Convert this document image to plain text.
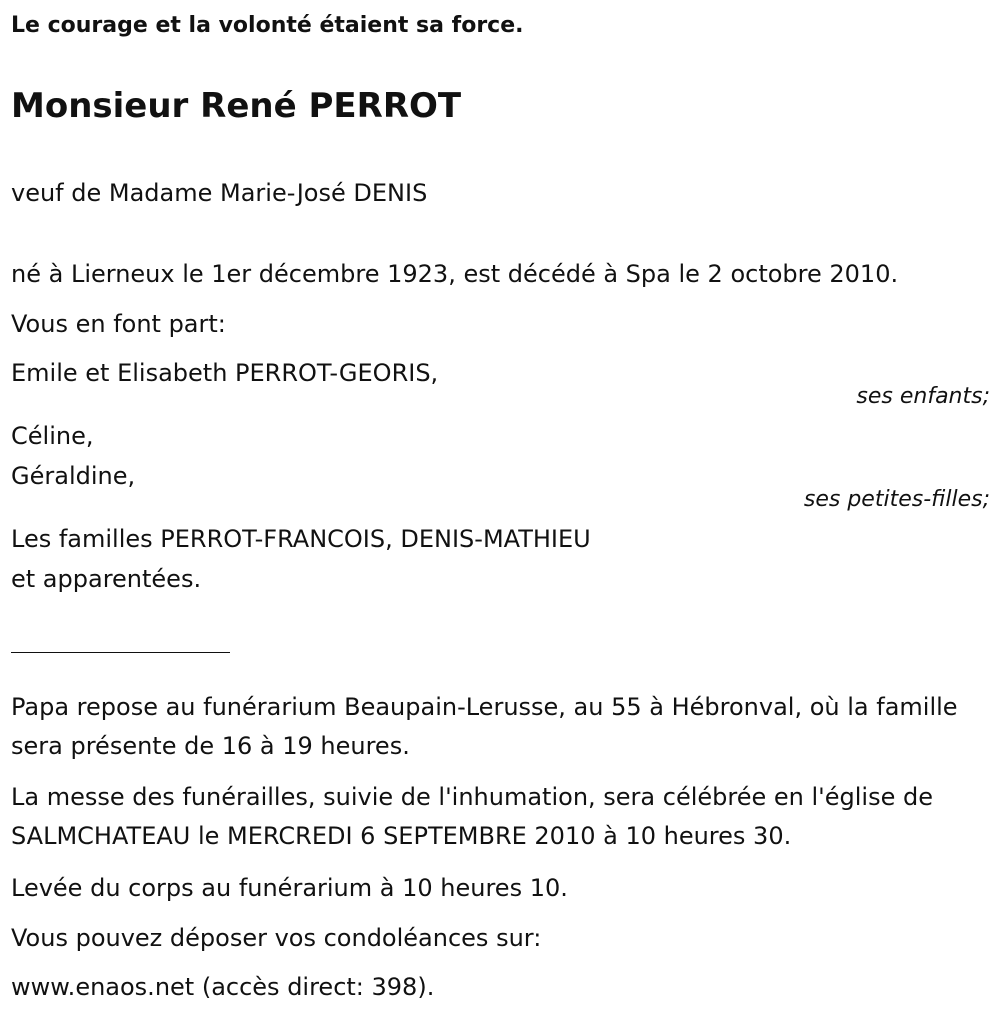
Le courage et la volonté étaient sa force.
Monsieur René PERROT
veuf de Madame Marie-José DENIS
né à Lierneux le 1er décembre 1923, est décédé à Spa le 2 octobre 2010.
Vous en font part:
Emile et Elisabeth PERROT-GEORIS,
ses enfants;
Céline,
Géraldine,
ses petites-filles;
Les familles PERROT-FRANCOIS, DENIS-MATHIEU
et apparentées.
Papa repose au funérarium Beaupain-Lerusse, au 55 à Hébronval, où la famille sera présente de 16 à 19 heures.
La messe des funérailles, suivie de l'inhumation, sera célébrée en l'église de SALMCHATEAU le MERCREDI 6 SEPTEMBRE 2010 à 10 heures 30.
Levée du corps au funérarium à 10 heures 10.
Vous pouvez déposer vos condoléances sur:
www.enaos.net (accès direct: 398).
